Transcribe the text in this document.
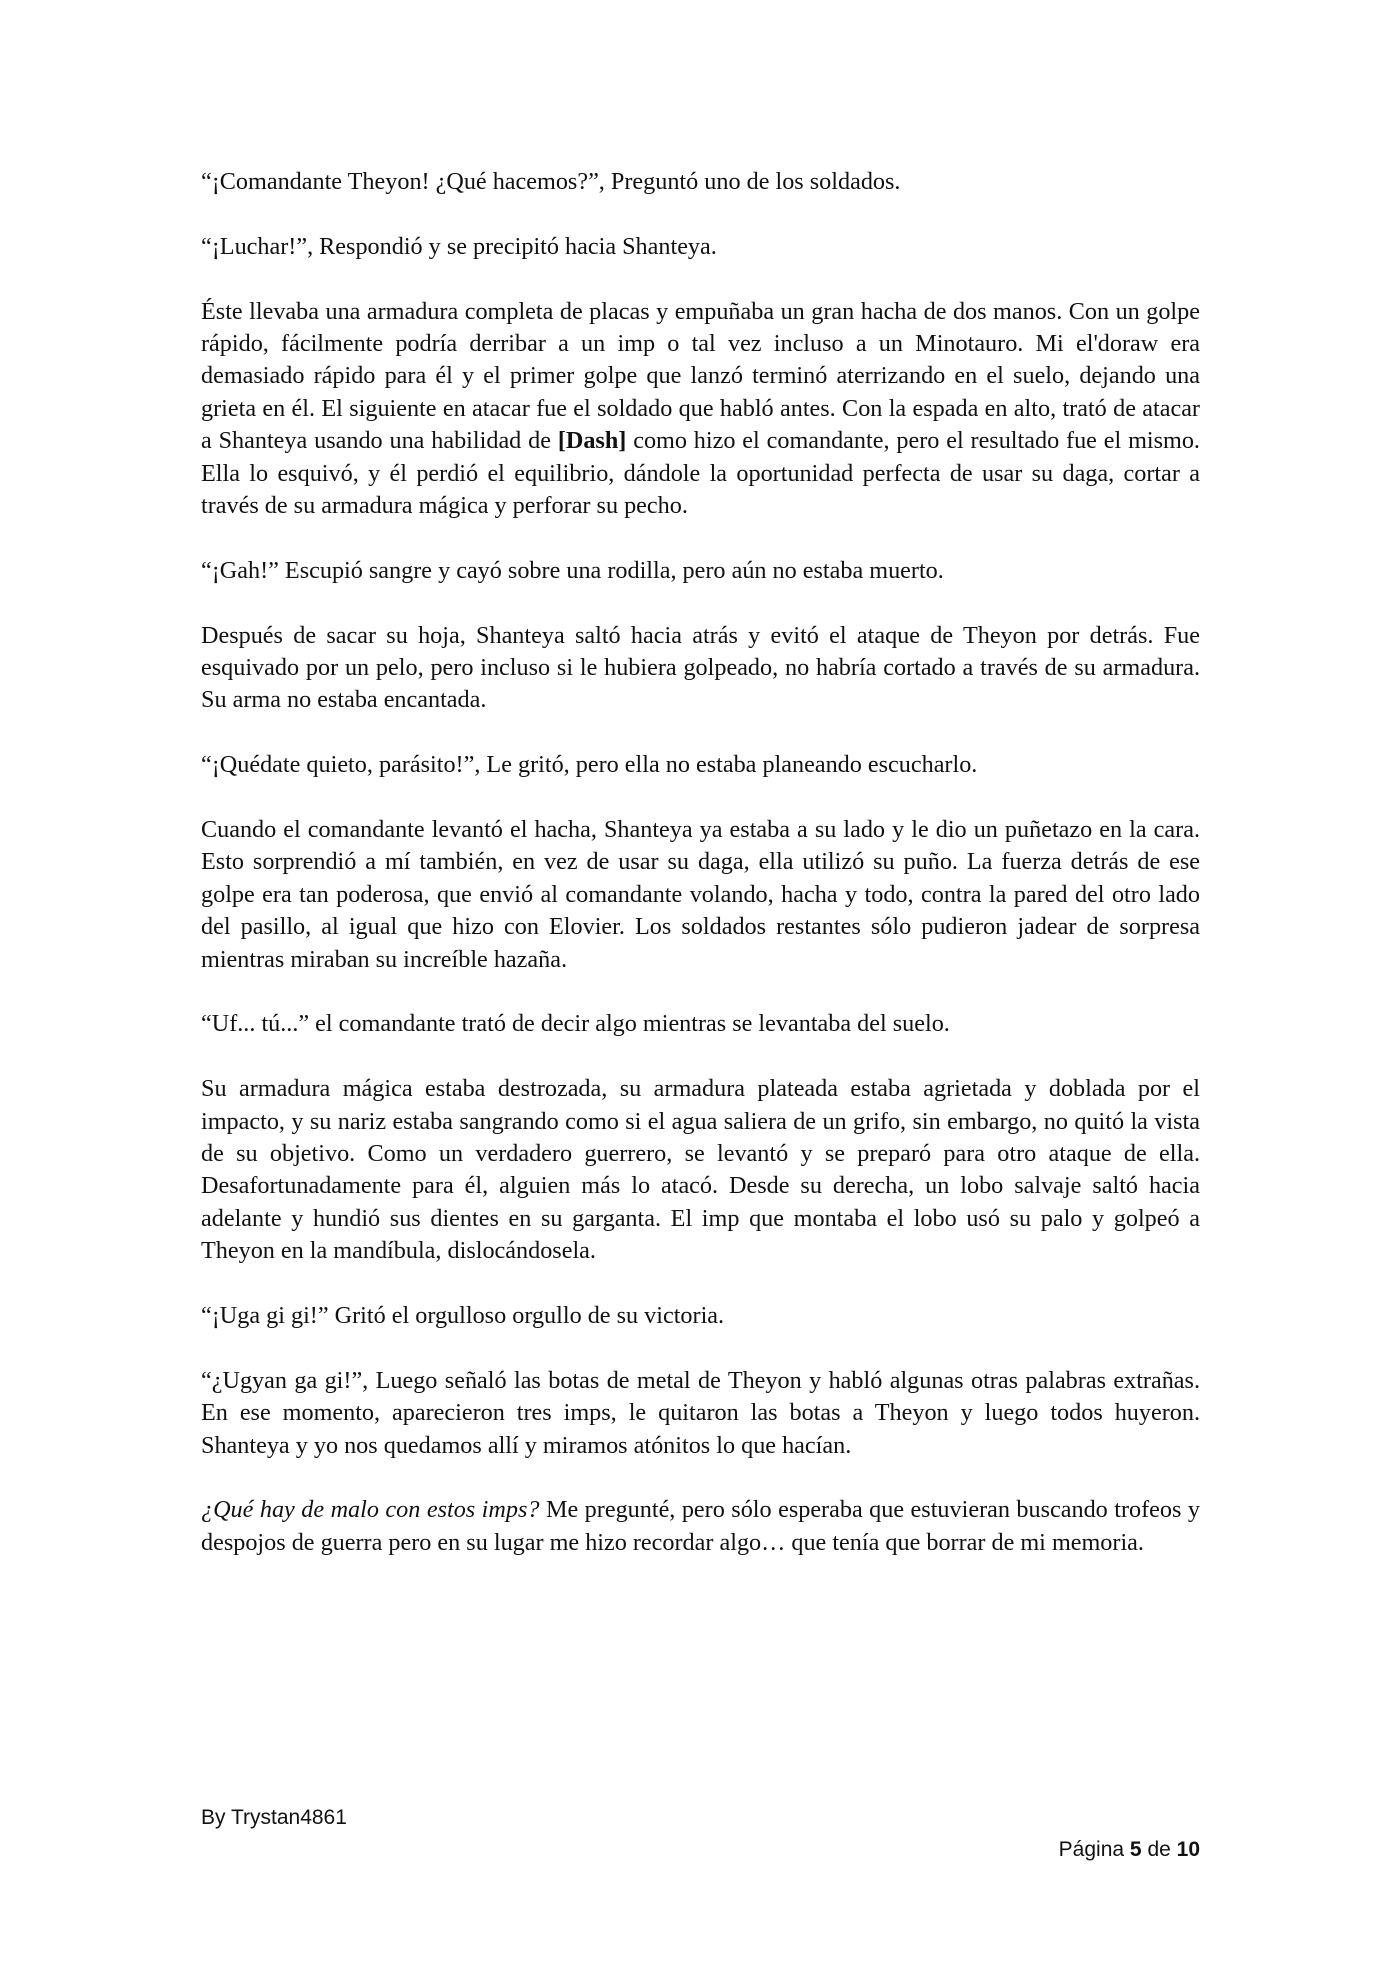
“¡Comandante Theyon! ¿Qué hacemos?”, Preguntó uno de los soldados.

“¡Luchar!”, Respondió y se precipitó hacia Shanteya.

Éste llevaba una armadura completa de placas y empuñaba un gran hacha de dos manos. Con un golpe rápido, fácilmente podría derribar a un imp o tal vez incluso a un Minotauro. Mi el'doraw era demasiado rápido para él y el primer golpe que lanzó terminó aterrizando en el suelo, dejando una grieta en él. El siguiente en atacar fue el soldado que habló antes. Con la espada en alto, trató de atacar a Shanteya usando una habilidad de [Dash] como hizo el comandante, pero el resultado fue el mismo. Ella lo esquivó, y él perdió el equilibrio, dándole la oportunidad perfecta de usar su daga, cortar a través de su armadura mágica y perforar su pecho.

“¡Gah!” Escupió sangre y cayó sobre una rodilla, pero aún no estaba muerto.

Después de sacar su hoja, Shanteya saltó hacia atrás y evitó el ataque de Theyon por detrás. Fue esquivado por un pelo, pero incluso si le hubiera golpeado, no habría cortado a través de su armadura. Su arma no estaba encantada.

“¡Quédate quieto, parásito!”, Le gritó, pero ella no estaba planeando escucharlo.

Cuando el comandante levantó el hacha, Shanteya ya estaba a su lado y le dio un puñetazo en la cara. Esto sorprendió a mí también, en vez de usar su daga, ella utilizó su puño. La fuerza detrás de ese golpe era tan poderosa, que envió al comandante volando, hacha y todo, contra la pared del otro lado del pasillo, al igual que hizo con Elovier. Los soldados restantes sólo pudieron jadear de sorpresa mientras miraban su increíble hazaña.

“Uf... tú...” el comandante trató de decir algo mientras se levantaba del suelo.

Su armadura mágica estaba destrozada, su armadura plateada estaba agrietada y doblada por el impacto, y su nariz estaba sangrando como si el agua saliera de un grifo, sin embargo, no quitó la vista de su objetivo. Como un verdadero guerrero, se levantó y se preparó para otro ataque de ella. Desafortunadamente para él, alguien más lo atacó. Desde su derecha, un lobo salvaje saltó hacia adelante y hundió sus dientes en su garganta. El imp que montaba el lobo usó su palo y golpeó a Theyon en la mandíbula, dislocándosela.

“¡Uga gi gi!” Gritó el orgulloso orgullo de su victoria.

“¿Ugyan ga gi!”, Luego señaló las botas de metal de Theyon y habló algunas otras palabras extrañas. En ese momento, aparecieron tres imps, le quitaron las botas a Theyon y luego todos huyeron. Shanteya y yo nos quedamos allí y miramos atónitos lo que hacían.

¿Qué hay de malo con estos imps? Me pregunté, pero sólo esperaba que estuvieran buscando trofeos y despojos de guerra pero en su lugar me hizo recordar algo… que tenía que borrar de mi memoria.

By Trystan4861
Página 5 de 10
